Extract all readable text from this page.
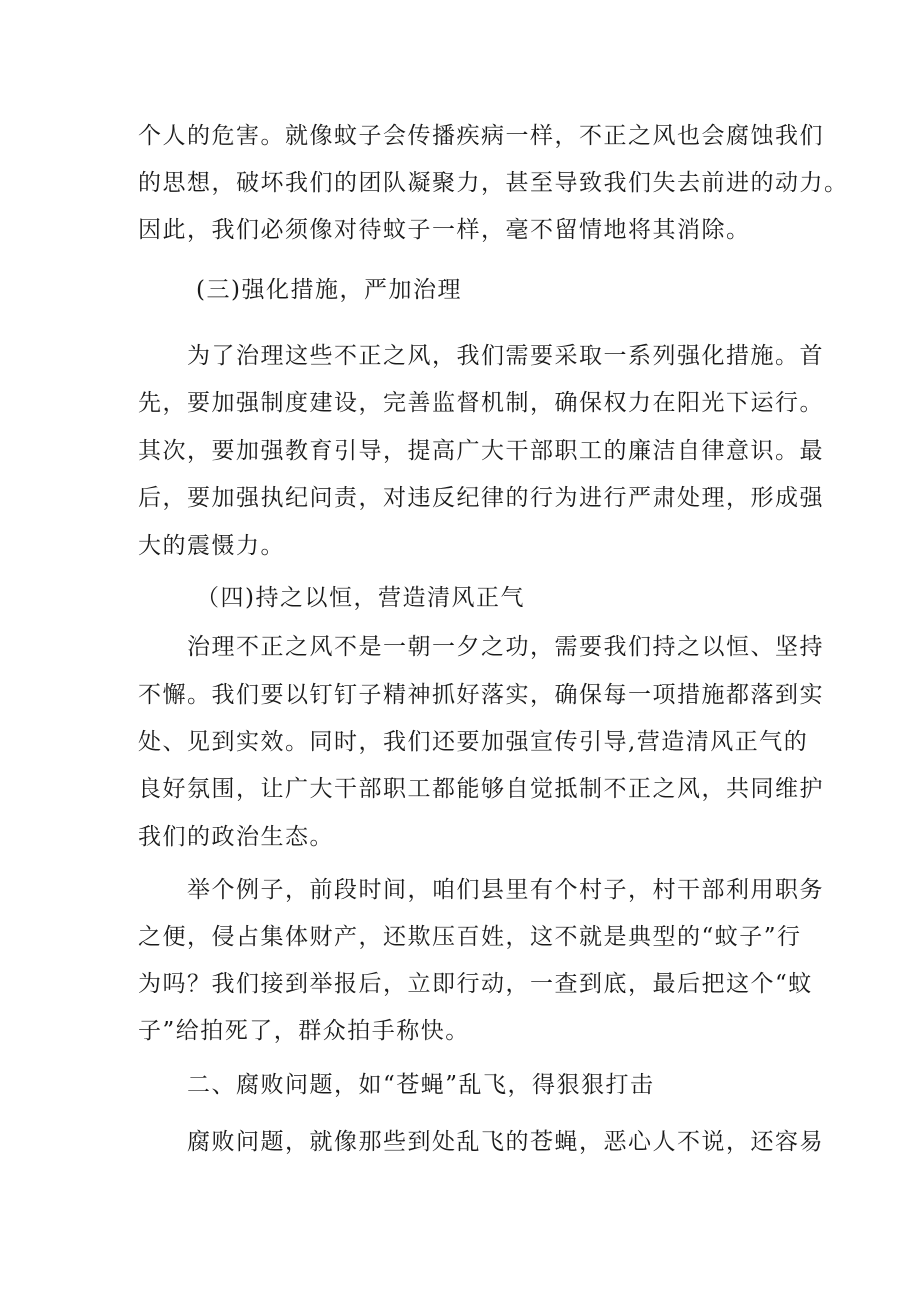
个人的危害。就像蚊子会传播疾病一样，不正之风也会腐蚀我们
的思想，破坏我们的团队凝聚力，甚至导致我们失去前进的动力。
因此，我们必须像对待蚊子一样，毫不留情地将其消除。
(三)强化措施，严加治理
为了治理这些不正之风，我们需要采取一系列强化措施。首
先，要加强制度建设，完善监督机制，确保权力在阳光下运行。
其次，要加强教育引导，提高广大干部职工的廉洁自律意识。最
后，要加强执纪问责，对违反纪律的行为进行严肃处理，形成强
大的震慑力。
（四)持之以恒，营造清风正气
治理不正之风不是一朝一夕之功，需要我们持之以恒、坚持
不懈。我们要以钉钉子精神抓好落实，确保每一项措施都落到实
处、见到实效。同时，我们还要加强宣传引导,营造清风正气的
良好氛围，让广大干部职工都能够自觉抵制不正之风，共同维护
我们的政治生态。
举个例子，前段时间，咱们县里有个村子，村干部利用职务
之便，侵占集体财产，还欺压百姓，这不就是典型的“蚊子”行
为吗？我们接到举报后，立即行动，一查到底，最后把这个“蚊
子”给拍死了，群众拍手称快。
二、腐败问题，如“苍蝇”乱飞，得狠狠打击
腐败问题，就像那些到处乱飞的苍蝇，恶心人不说，还容易
